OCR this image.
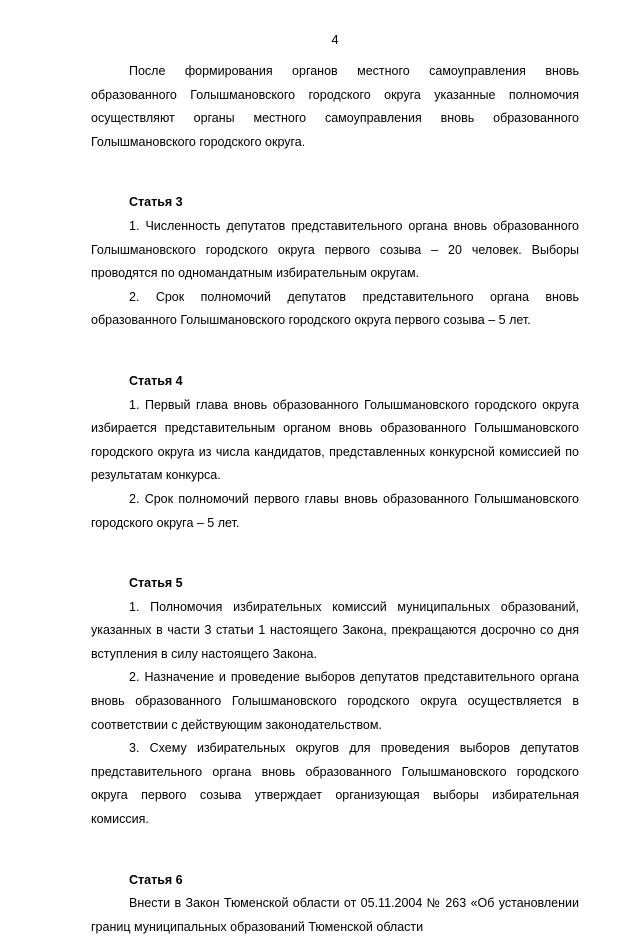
4

После формирования органов местного самоуправления вновь образованного Голышмановского городского округа указанные полномочия осуществляют органы местного самоуправления вновь образованного Голышмановского городского округа.

Статья 3

1. Численность депутатов представительного органа вновь образованного Голышмановского городского округа первого созыва – 20 человек. Выборы проводятся по одномандатным избирательным округам.

2. Срок полномочий депутатов представительного органа вновь образованного Голышмановского городского округа первого созыва – 5 лет.

Статья 4

1. Первый глава вновь образованного Голышмановского городского округа избирается представительным органом вновь образованного Голышмановского городского округа из числа кандидатов, представленных конкурсной комиссией по результатам конкурса.

2. Срок полномочий первого главы вновь образованного Голышмановского городского округа – 5 лет.

Статья 5

1. Полномочия избирательных комиссий муниципальных образований, указанных в части 3 статьи 1 настоящего Закона, прекращаются досрочно со дня вступления в силу настоящего Закона.

2. Назначение и проведение выборов депутатов представительного органа вновь образованного Голышмановского городского округа осуществляется в соответствии с действующим законодательством.

3. Схему избирательных округов для проведения выборов депутатов представительного органа вновь образованного Голышмановского городского округа первого созыва утверждает организующая выборы избирательная комиссия.

Статья 6

Внести в Закон Тюменской области от 05.11.2004 № 263 «Об установлении границ муниципальных образований Тюменской области
